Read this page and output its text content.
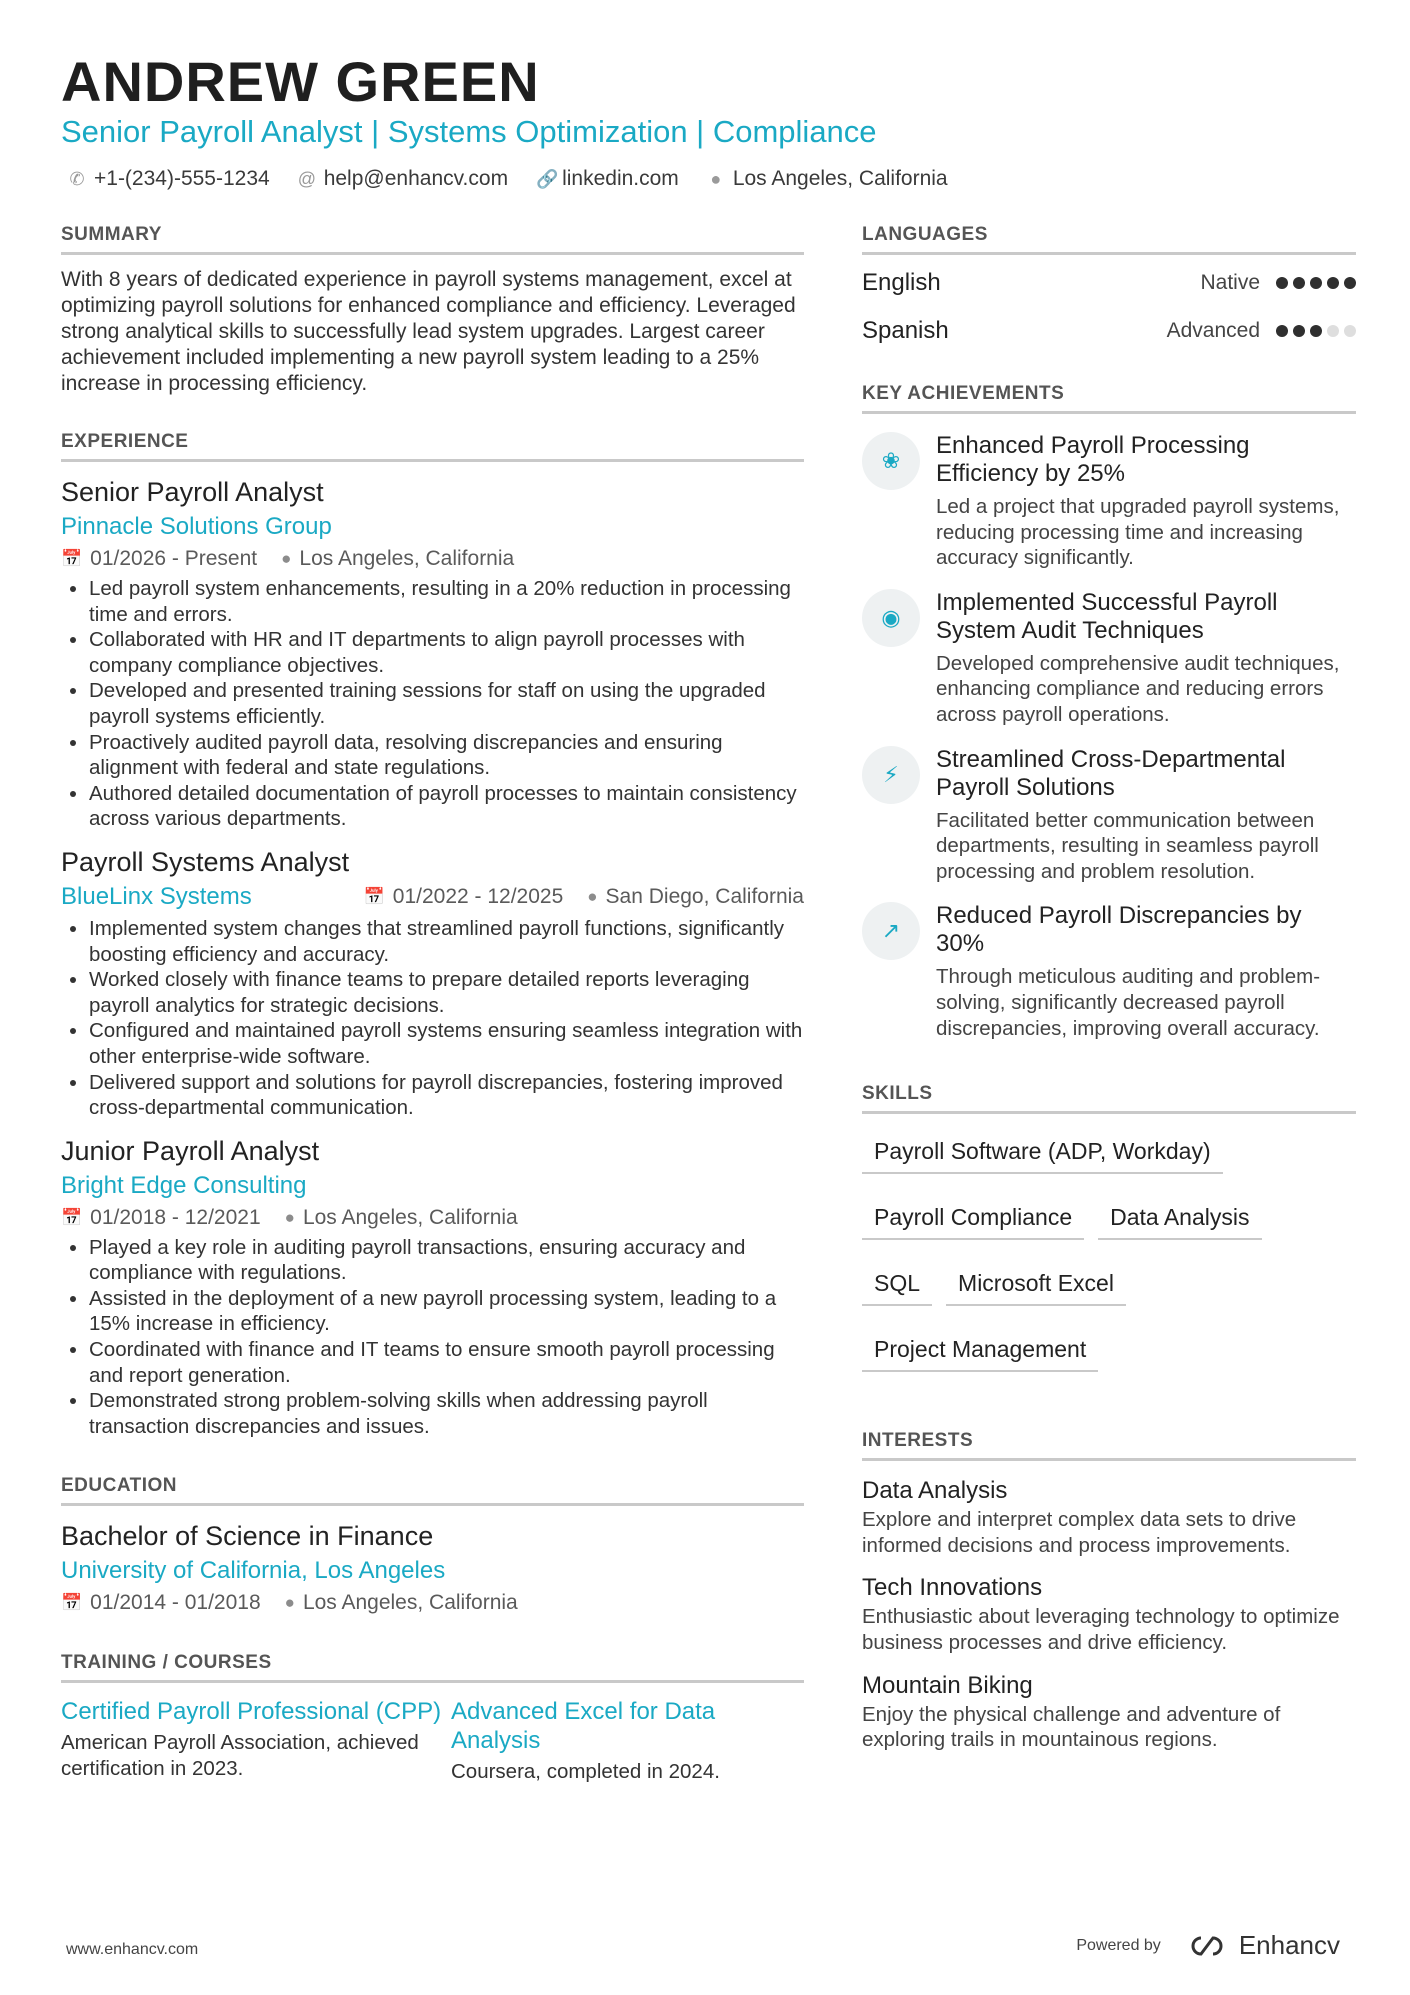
ANDREW GREEN
Senior Payroll Analyst | Systems Optimization | Compliance
✆ +1-(234)-555-1234 @ help@enhancv.com 🔗 linkedin.com ● Los Angeles, California
SUMMARY

With 8 years of dedicated experience in payroll systems management, excel at optimizing payroll solutions for enhanced compliance and efficiency. Leveraged strong analytical skills to successfully lead system upgrades. Largest career achievement included implementing a new payroll system leading to a 25% increase in processing efficiency.

EXPERIENCE
Senior Payroll Analyst
Pinnacle Solutions Group
📅 01/2026 - Present ● Los Angeles, California
• Led payroll system enhancements, resulting in a 20% reduction in processing time and errors.
• Collaborated with HR and IT departments to align payroll processes with company compliance objectives.
• Developed and presented training sessions for staff on using the upgraded payroll systems efficiently.
• Proactively audited payroll data, resolving discrepancies and ensuring alignment with federal and state regulations.
• Authored detailed documentation of payroll processes to maintain consistency across various departments.
Payroll Systems Analyst
BlueLinx Systems	📅 01/2022 - 12/2025 ● San Diego, California
• Implemented system changes that streamlined payroll functions, significantly boosting efficiency and accuracy.
• Worked closely with finance teams to prepare detailed reports leveraging payroll analytics for strategic decisions.
• Configured and maintained payroll systems ensuring seamless integration with other enterprise-wide software.
• Delivered support and solutions for payroll discrepancies, fostering improved cross-departmental communication.
Junior Payroll Analyst
Bright Edge Consulting
📅 01/2018 - 12/2021 ● Los Angeles, California
• Played a key role in auditing payroll transactions, ensuring accuracy and compliance with regulations.
• Assisted in the deployment of a new payroll processing system, leading to a 15% increase in efficiency.
• Coordinated with finance and IT teams to ensure smooth payroll processing and report generation.
• Demonstrated strong problem-solving skills when addressing payroll transaction discrepancies and issues.
EDUCATION
Bachelor of Science in Finance
University of California, Los Angeles
📅 01/2014 - 01/2018 ● Los Angeles, California
TRAINING / COURSES
Certified Payroll Professional (CPP)
American Payroll Association, achieved certification in 2023.
Advanced Excel for Data Analysis
Coursera, completed in 2024.
LANGUAGES
English	Native
Spanish	Advanced
KEY ACHIEVEMENTS
❀
Enhanced Payroll Processing Efficiency by 25%
Led a project that upgraded payroll systems, reducing processing time and increasing accuracy significantly.
◉
Implemented Successful Payroll System Audit Techniques
Developed comprehensive audit techniques, enhancing compliance and reducing errors across payroll operations.
⚡
Streamlined Cross-Departmental Payroll Solutions
Facilitated better communication between departments, resulting in seamless payroll processing and problem resolution.
↗
Reduced Payroll Discrepancies by 30%
Through meticulous auditing and problem-solving, significantly decreased payroll discrepancies, improving overall accuracy.
SKILLS
Payroll Software (ADP, Workday)
Payroll Compliance	Data Analysis
SQL	Microsoft Excel
Project Management
INTERESTS
Data Analysis
Explore and interpret complex data sets to drive informed decisions and process improvements.
Tech Innovations
Enthusiastic about leveraging technology to optimize business processes and drive efficiency.
Mountain Biking
Enjoy the physical challenge and adventure of exploring trails in mountainous regions.
www.enhancv.com	Powered by	Enhancv
